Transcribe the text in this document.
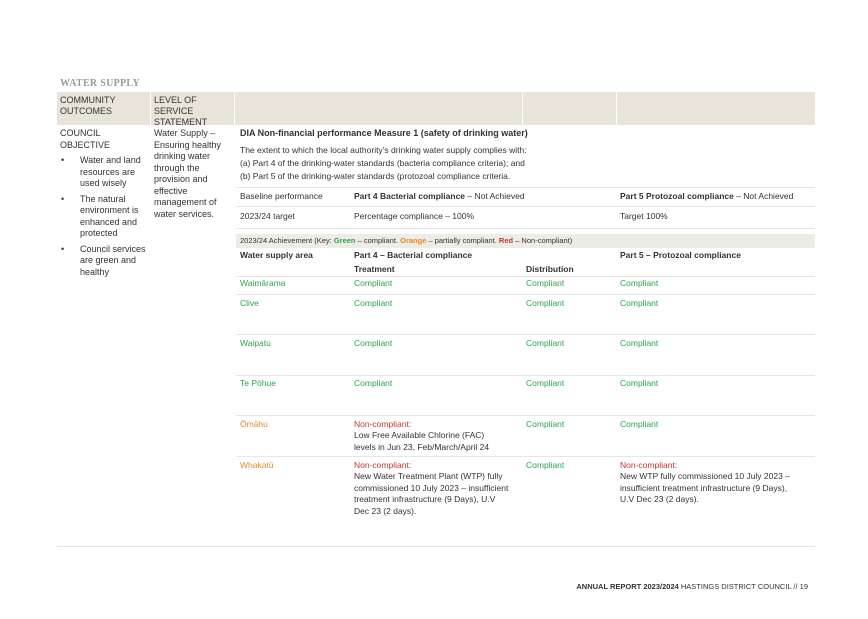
WATER SUPPLY
COMMUNITY OUTCOMES
LEVEL OF SERVICE STATEMENT
COUNCIL OBJECTIVE
• Water and land resources are used wisely
• The natural environment is enhanced and protected
• Council services are green and healthy
Water Supply – Ensuring healthy drinking water through the provision and effective management of water services.
DIA Non-financial performance Measure 1 (safety of drinking water)
The extent to which the local authority’s drinking water supply complies with:
(a) Part 4 of the drinking-water standards (bacteria compliance criteria); and
(b) Part 5 of the drinking-water standards (protozoal compliance criteria.
Baseline performance	Part 4 Bacterial compliance – Not Achieved	Part 5 Protozoal compliance – Not Achieved
2023/24 target	Percentage compliance – 100%	Target 100%
2023/24 Achievement (Key: Green – compliant. Orange – partially compliant. Red – Non-compliant)
Water supply area	Part 4 – Bacterial compliance	Part 5 – Protozoal compliance
Treatment	Distribution
Waimārama	Compliant	Compliant	Compliant
Clive	Compliant	Compliant	Compliant
Waipatu	Compliant	Compliant	Compliant
Te Pōhue	Compliant	Compliant	Compliant
Ōmāhu	Non-compliant:
Low Free Available Chlorine (FAC)
levels in Jun 23, Feb/March/April 24
Compliant	Compliant
Whakatū	Non-compliant:
New Water Treatment Plant (WTP) fully
commissioned 10 July 2023 – insufficient
treatment infrastructure (9 Days), U.V
Dec 23 (2 days).
Compliant	Non-compliant:
New WTP fully commissioned 10 July 2023 –
insufficient treatment infrastructure (9 Days),
U.V Dec 23 (2 days).
ANNUAL REPORT 2023/2024 HASTINGS DISTRICT COUNCIL // 19
